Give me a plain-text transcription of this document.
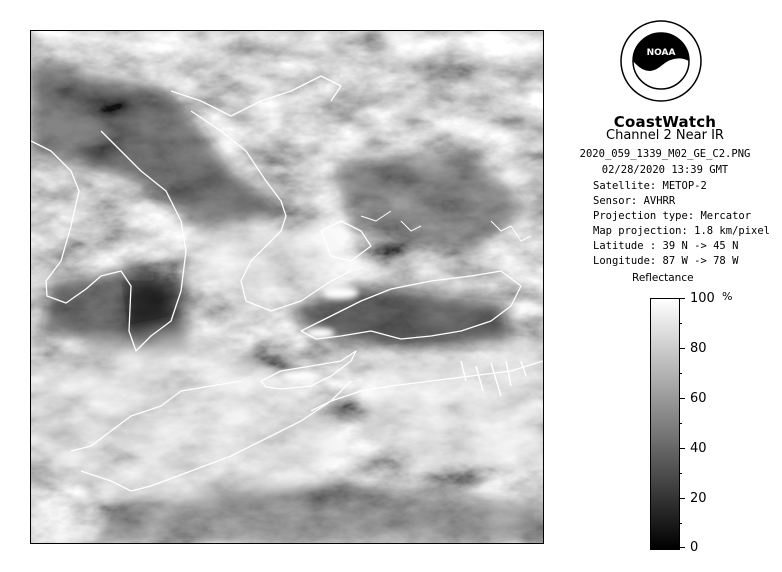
NOAA
CoastWatch
Channel 2 Near IR
2020_059_1339_M02_GE_C2.PNG
02/28/2020 13:39 GMT
Satellite: METOP-2
Sensor: AVHRR
Projection type: Mercator
Map projection: 1.8 km/pixel
Latitude : 39 N -> 45 N
Longitude: 87 W -> 78 W
Reflectance
%
100
80
60
40
20
0
